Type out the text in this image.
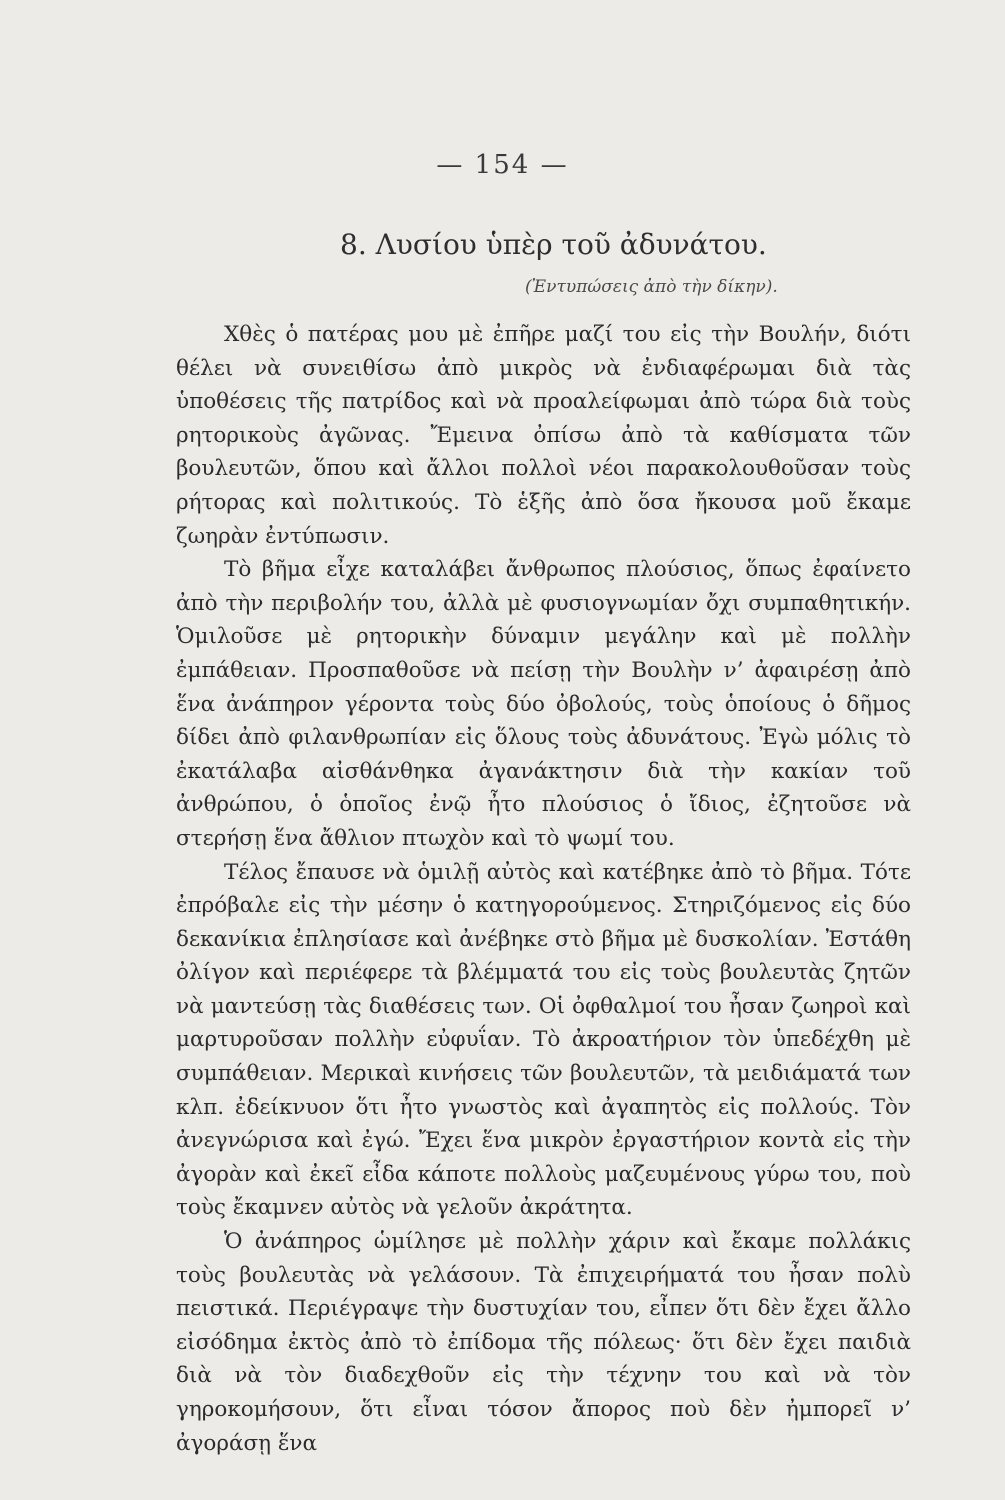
— 154 —
8. Λυσίου ὑπὲρ τοῦ ἀδυνάτου.
(Ἐντυπώσεις ἀπὸ τὴν δίκην).

Χθὲς ὁ πατέρας μου μὲ ἐπῆρε μαζί του εἰς τὴν Βουλήν, διότι θέλει νὰ συνειθίσω ἀπὸ μικρὸς νὰ ἐνδιαφέρωμαι διὰ τὰς ὑποθέσεις τῆς πατρίδος καὶ νὰ προαλείφωμαι ἀπὸ τώρα διὰ τοὺς ρητορικοὺς ἀγῶνας. Ἔμεινα ὀπίσω ἀπὸ τὰ καθίσματα τῶν βουλευτῶν, ὅπου καὶ ἄλλοι πολλοὶ νέοι παρακολουθοῦσαν τοὺς ρήτορας καὶ πολιτικούς. Τὸ ἑξῆς ἀπὸ ὅσα ἤκουσα μοῦ ἔκαμε ζωηρὰν ἐντύπωσιν.

Τὸ βῆμα εἶχε καταλάβει ἄνθρωπος πλούσιος, ὅπως ἐφαίνετο ἀπὸ τὴν περιβολήν του, ἀλλὰ μὲ φυσιογνωμίαν ὄχι συμπαθητικήν. Ὁμιλοῦσε μὲ ρητορικὴν δύναμιν μεγάλην καὶ μὲ πολλὴν ἐμπάθειαν. Προσπαθοῦσε νὰ πείσῃ τὴν Βουλὴν ν’ ἀφαιρέσῃ ἀπὸ ἕνα ἀνάπηρον γέροντα τοὺς δύο ὀβολούς, τοὺς ὁποίους ὁ δῆμος δίδει ἀπὸ φιλανθρωπίαν εἰς ὅλους τοὺς ἀδυνάτους. Ἐγὼ μόλις τὸ ἐκατάλαβα αἰσθάνθηκα ἀγανάκτησιν διὰ τὴν κακίαν τοῦ ἀνθρώπου, ὁ ὁποῖος ἐνῷ ἦτο πλούσιος ὁ ἴδιος, ἐζητοῦσε νὰ στερήσῃ ἕνα ἄθλιον πτωχὸν καὶ τὸ ψωμί του.

Τέλος ἔπαυσε νὰ ὁμιλῇ αὐτὸς καὶ κατέβηκε ἀπὸ τὸ βῆμα. Τότε ἐπρόβαλε εἰς τὴν μέσην ὁ κατηγορούμενος. Στηριζόμενος εἰς δύο δεκανίκια ἐπλησίασε καὶ ἀνέβηκε στὸ βῆμα μὲ δυσκολίαν. Ἐστάθη ὀλίγον καὶ περιέφερε τὰ βλέμματά του εἰς τοὺς βουλευτὰς ζητῶν νὰ μαντεύσῃ τὰς διαθέσεις των. Οἱ ὀφθαλμοί του ἦσαν ζωηροὶ καὶ μαρτυροῦσαν πολλὴν εὐφυΐαν. Τὸ ἀκροατήριον τὸν ὑπεδέχθη μὲ συμπάθειαν. Μερικαὶ κινήσεις τῶν βουλευτῶν, τὰ μειδιάματά των κλπ. ἐδείκνυον ὅτι ἦτο γνωστὸς καὶ ἀγαπητὸς εἰς πολλούς. Τὸν ἀνεγνώρισα καὶ ἐγώ. Ἔχει ἕνα μικρὸν ἐργαστήριον κοντὰ εἰς τὴν ἀγορὰν καὶ ἐκεῖ εἶδα κάποτε πολλοὺς μαζευμένους γύρω του, ποὺ τοὺς ἔκαμνεν αὐτὸς νὰ γελοῦν ἀκράτητα.

Ὁ ἀνάπηρος ὡμίλησε μὲ πολλὴν χάριν καὶ ἔκαμε πολλάκις τοὺς βουλευτὰς νὰ γελάσουν. Τὰ ἐπιχειρήματά του ἦσαν πολὺ πειστικά. Περιέγραψε τὴν δυστυχίαν του, εἶπεν ὅτι δὲν ἔχει ἄλλο εἰσόδημα ἐκτὸς ἀπὸ τὸ ἐπίδομα τῆς πόλεως· ὅτι δὲν ἔχει παιδιὰ διὰ νὰ τὸν διαδεχθοῦν εἰς τὴν τέχνην του καὶ νὰ τὸν γηροκομήσουν, ὅτι εἶναι τόσον ἄπορος ποὺ δὲν ἠμπορεῖ ν’ ἀγοράσῃ ἕνα
